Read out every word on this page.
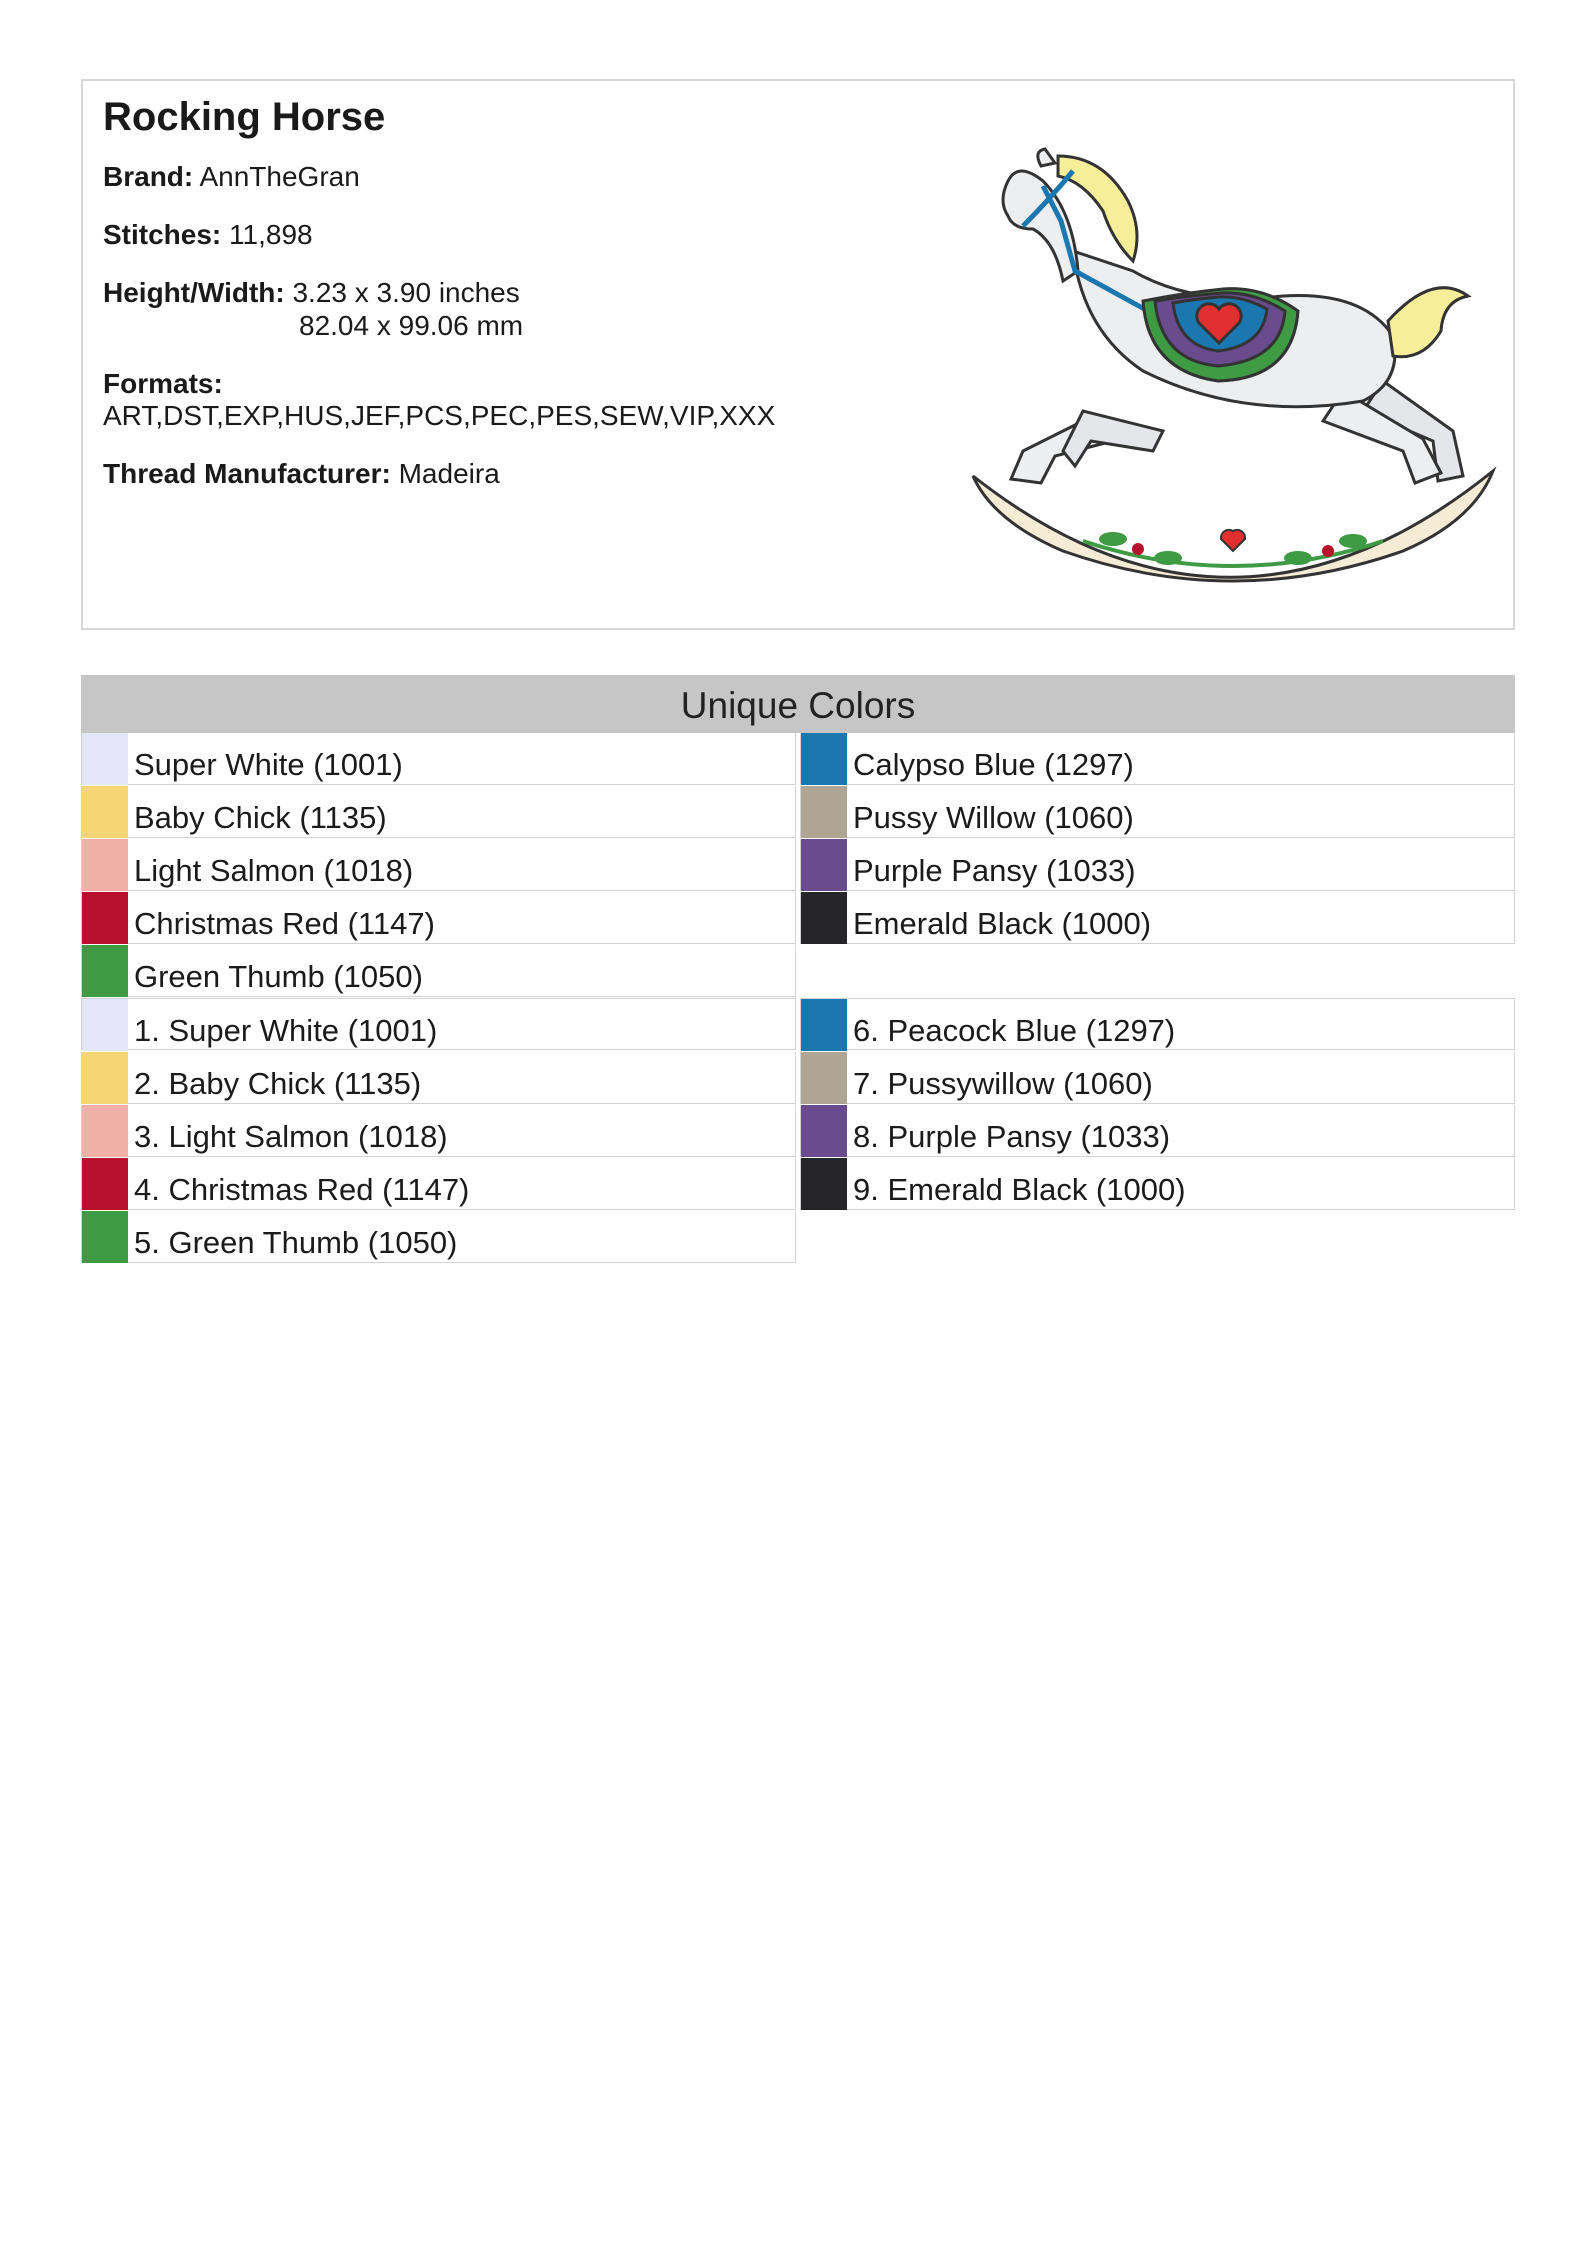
Rocking Horse
Brand: AnnTheGran
Stitches: 11,898
Height/Width: 3.23 x 3.90 inches
82.04 x 99.06 mm
Formats:
ART,DST,EXP,HUS,JEF,PCS,PEC,PES,SEW,VIP,XXX
Thread Manufacturer: Madeira
Unique Colors
Super White (1001)
Baby Chick (1135)
Light Salmon (1018)
Christmas Red (1147)
Green Thumb (1050)
Calypso Blue (1297)
Pussy Willow (1060)
Purple Pansy (1033)
Emerald Black (1000)
1. Super White (1001)
2. Baby Chick (1135)
3. Light Salmon (1018)
4. Christmas Red (1147)
5. Green Thumb (1050)
6. Peacock Blue (1297)
7. Pussywillow (1060)
8. Purple Pansy (1033)
9. Emerald Black (1000)
